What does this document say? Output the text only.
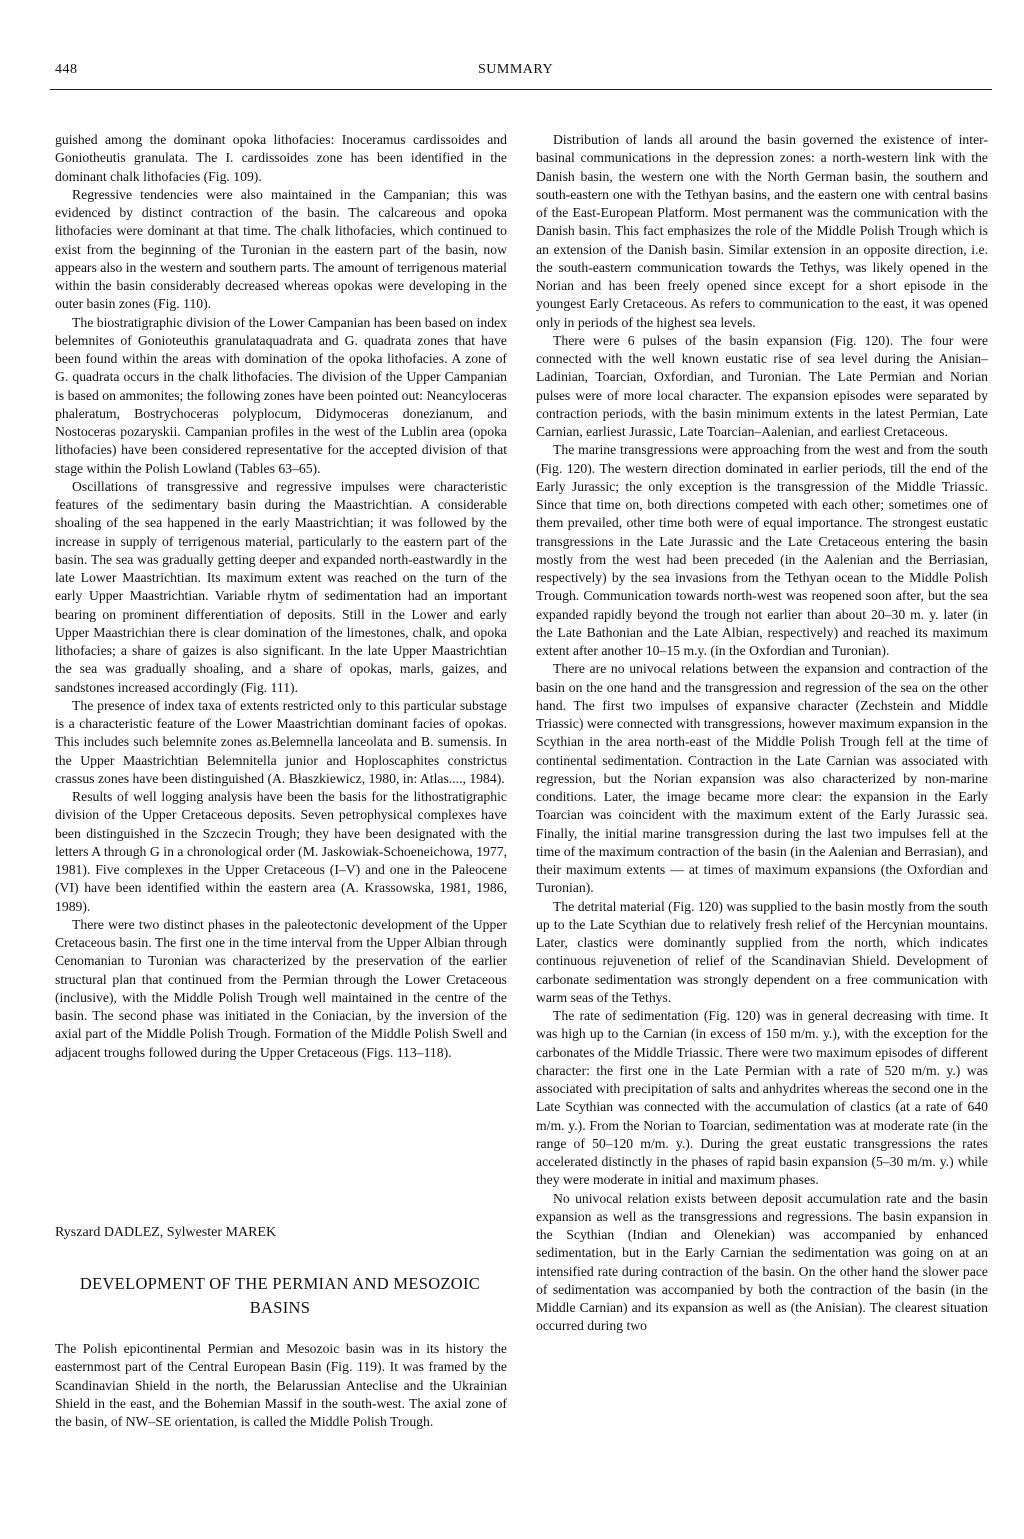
448	SUMMARY

guished among the dominant opoka lithofacies: Inoceramus cardissoides and Goniotheutis granulata. The I. cardissoides zone has been identified in the dominant chalk lithofacies (Fig. 109).

Regressive tendencies were also maintained in the Campanian; this was evidenced by distinct contraction of the basin. The calcareous and opoka lithofacies were dominant at that time. The chalk lithofacies, which continued to exist from the beginning of the Turonian in the eastern part of the basin, now appears also in the western and southern parts. The amount of terrigenous material within the basin considerably decreased whereas opokas were developing in the outer basin zones (Fig. 110).

The biostratigraphic division of the Lower Campanian has been based on index belemnites of Gonioteuthis granulataquadrata and G. quadrata zones that have been found within the areas with domination of the opoka lithofacies. A zone of G. quadrata occurs in the chalk lithofacies. The division of the Upper Campanian is based on ammonites; the following zones have been pointed out: Neancyloceras phaleratum, Bostrychoceras polyplocum, Didymoceras donezianum, and Nostoceras pozaryskii. Campanian profiles in the west of the Lublin area (opoka lithofacies) have been considered representative for the accepted division of that stage within the Polish Lowland (Tables 63–65).

Oscillations of transgressive and regressive impulses were characteristic features of the sedimentary basin during the Maastrichtian. A considerable shoaling of the sea happened in the early Maastrichtian; it was followed by the increase in supply of terrigenous material, particularly to the eastern part of the basin. The sea was gradually getting deeper and expanded north-eastwardly in the late Lower Maastrichtian. Its maximum extent was reached on the turn of the early Upper Maastrichtian. Variable rhytm of sedimentation had an important bearing on prominent differentiation of deposits. Still in the Lower and early Upper Maastrichian there is clear domination of the limestones, chalk, and opoka lithofacies; a share of gaizes is also significant. In the late Upper Maastrichtian the sea was gradually shoaling, and a share of opokas, marls, gaizes, and sandstones increased accordingly (Fig. 111).

The presence of index taxa of extents restricted only to this particular substage is a characteristic feature of the Lower Maastrichtian dominant facies of opokas. This includes such belemnite zones as.Belemnella lanceolata and B. sumensis. In the Upper Maastrichtian Belemnitella junior and Hoploscaphites constrictus crassus zones have been distinguished (A. Błaszkiewicz, 1980, in: Atlas...., 1984).

Results of well logging analysis have been the basis for the lithostratigraphic division of the Upper Cretaceous deposits. Seven petrophysical complexes have been distinguished in the Szczecin Trough; they have been designated with the letters A through G in a chronological order (M. Jaskowiak-Schoeneichowa, 1977, 1981). Five complexes in the Upper Cretaceous (I–V) and one in the Paleocene (VI) have been identified within the eastern area (A. Krassowska, 1981, 1986, 1989).

There were two distinct phases in the paleotectonic development of the Upper Cretaceous basin. The first one in the time interval from the Upper Albian through Cenomanian to Turonian was characterized by the preservation of the earlier structural plan that continued from the Permian through the Lower Cretaceous (inclusive), with the Middle Polish Trough well maintained in the centre of the basin. The second phase was initiated in the Coniacian, by the inversion of the axial part of the Middle Polish Trough. Formation of the Middle Polish Swell and adjacent troughs followed during the Upper Cretaceous (Figs. 113–118).

Ryszard DADLEZ, Sylwester MAREK
DEVELOPMENT OF THE PERMIAN AND MESOZOIC BASINS

The Polish epicontinental Permian and Mesozoic basin was in its history the easternmost part of the Central European Basin (Fig. 119). It was framed by the Scandinavian Shield in the north, the Belarussian Anteclise and the Ukrainian Shield in the east, and the Bohemian Massif in the south-west. The axial zone of the basin, of NW–SE orientation, is called the Middle Polish Trough.

Distribution of lands all around the basin governed the existence of inter-basinal communications in the depression zones: a north-western link with the Danish basin, the western one with the North German basin, the southern and south-eastern one with the Tethyan basins, and the eastern one with central basins of the East-European Platform. Most permanent was the communication with the Danish basin. This fact emphasizes the role of the Middle Polish Trough which is an extension of the Danish basin. Similar extension in an opposite direction, i.e. the south-eastern communication towards the Tethys, was likely opened in the Norian and has been freely opened since except for a short episode in the youngest Early Cretaceous. As refers to communication to the east, it was opened only in periods of the highest sea levels.

There were 6 pulses of the basin expansion (Fig. 120). The four were connected with the well known eustatic rise of sea level during the Anisian–Ladinian, Toarcian, Oxfordian, and Turonian. The Late Permian and Norian pulses were of more local character. The expansion episodes were separated by contraction periods, with the basin minimum extents in the latest Permian, Late Carnian, earliest Jurassic, Late Toarcian–Aalenian, and earliest Cretaceous.

The marine transgressions were approaching from the west and from the south (Fig. 120). The western direction dominated in earlier periods, till the end of the Early Jurassic; the only exception is the transgression of the Middle Triassic. Since that time on, both directions competed with each other; sometimes one of them prevailed, other time both were of equal importance. The strongest eustatic transgressions in the Late Jurassic and the Late Cretaceous entering the basin mostly from the west had been preceded (in the Aalenian and the Berriasian, respectively) by the sea invasions from the Tethyan ocean to the Middle Polish Trough. Communication towards north-west was reopened soon after, but the sea expanded rapidly beyond the trough not earlier than about 20–30 m. y. later (in the Late Bathonian and the Late Albian, respectively) and reached its maximum extent after another 10–15 m.y. (in the Oxfordian and Turonian).

There are no univocal relations between the expansion and contraction of the basin on the one hand and the transgression and regression of the sea on the other hand. The first two impulses of expansive character (Zechstein and Middle Triassic) were connected with transgressions, however maximum expansion in the Scythian in the area north-east of the Middle Polish Trough fell at the time of continental sedimentation. Contraction in the Late Carnian was associated with regression, but the Norian expansion was also characterized by non-marine conditions. Later, the image became more clear: the expansion in the Early Toarcian was coincident with the maximum extent of the Early Jurassic sea. Finally, the initial marine transgression during the last two impulses fell at the time of the maximum contraction of the basin (in the Aalenian and Berrasian), and their maximum extents — at times of maximum expansions (the Oxfordian and Turonian).

The detrital material (Fig. 120) was supplied to the basin mostly from the south up to the Late Scythian due to relatively fresh relief of the Hercynian mountains. Later, clastics were dominantly supplied from the north, which indicates continuous rejuvenetion of relief of the Scandinavian Shield. Development of carbonate sedimentation was strongly dependent on a free communication with warm seas of the Tethys.

The rate of sedimentation (Fig. 120) was in general decreasing with time. It was high up to the Carnian (in excess of 150 m/m. y.), with the exception for the carbonates of the Middle Triassic. There were two maximum episodes of different character: the first one in the Late Permian with a rate of 520 m/m. y.) was associated with precipitation of salts and anhydrites whereas the second one in the Late Scythian was connected with the accumulation of clastics (at a rate of 640 m/m. y.). From the Norian to Toarcian, sedimentation was at moderate rate (in the range of 50–120 m/m. y.). During the great eustatic transgressions the rates accelerated distinctly in the phases of rapid basin expansion (5–30 m/m. y.) while they were moderate in initial and maximum phases.

No univocal relation exists between deposit accumulation rate and the basin expansion as well as the transgressions and regressions. The basin expansion in the Scythian (Indian and Olenekian) was accompanied by enhanced sedimentation, but in the Early Carnian the sedimentation was going on at an intensified rate during contraction of the basin. On the other hand the slower pace of sedimentation was accompanied by both the contraction of the basin (in the Middle Carnian) and its expansion as well as (the Anisian). The clearest situation occurred during two
